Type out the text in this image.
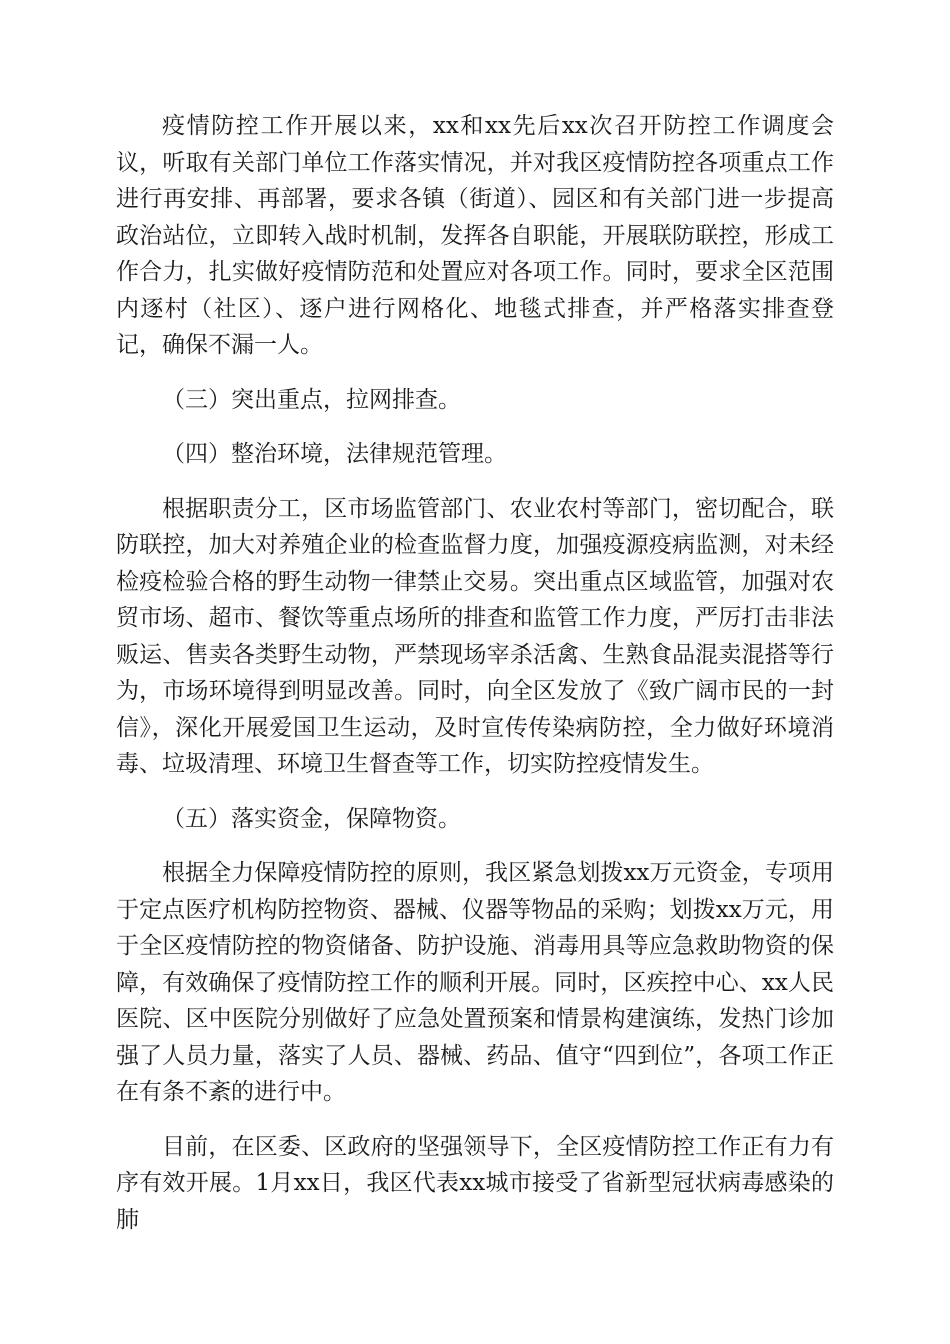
疫情防控工作开展以来，xx和xx先后xx次召开防控工作调度会议，听取有关部门单位工作落实情况，并对我区疫情防控各项重点工作进行再安排、再部署，要求各镇（街道）、园区和有关部门进一步提高政治站位，立即转入战时机制，发挥各自职能，开展联防联控，形成工作合力，扎实做好疫情防范和处置应对各项工作。同时，要求全区范围内逐村（社区）、逐户进行网格化、地毯式排查，并严格落实排查登记，确保不漏一人。

（三）突出重点，拉网排查。

（四）整治环境，法律规范管理。

根据职责分工，区市场监管部门、农业农村等部门，密切配合，联防联控，加大对养殖企业的检查监督力度，加强疫源疫病监测，对未经检疫检验合格的野生动物一律禁止交易。突出重点区域监管，加强对农贸市场、超市、餐饮等重点场所的排查和监管工作力度，严厉打击非法贩运、售卖各类野生动物，严禁现场宰杀活禽、生熟食品混卖混搭等行为，市场环境得到明显改善。同时，向全区发放了《致广阔市民的一封信》，深化开展爱国卫生运动，及时宣传传染病防控，全力做好环境消毒、垃圾清理、环境卫生督查等工作，切实防控疫情发生。

（五）落实资金，保障物资。

根据全力保障疫情防控的原则，我区紧急划拨xx万元资金，专项用于定点医疗机构防控物资、器械、仪器等物品的采购；划拨xx万元，用于全区疫情防控的物资储备、防护设施、消毒用具等应急救助物资的保障，有效确保了疫情防控工作的顺利开展。同时，区疾控中心、xx人民医院、区中医院分别做好了应急处置预案和情景构建演练，发热门诊加强了人员力量，落实了人员、器械、药品、值守“四到位”，各项工作正在有条不紊的进行中。

目前，在区委、区政府的坚强领导下，全区疫情防控工作正有力有序有效开展。1月xx日，我区代表xx城市接受了省新型冠状病毒感染的肺
